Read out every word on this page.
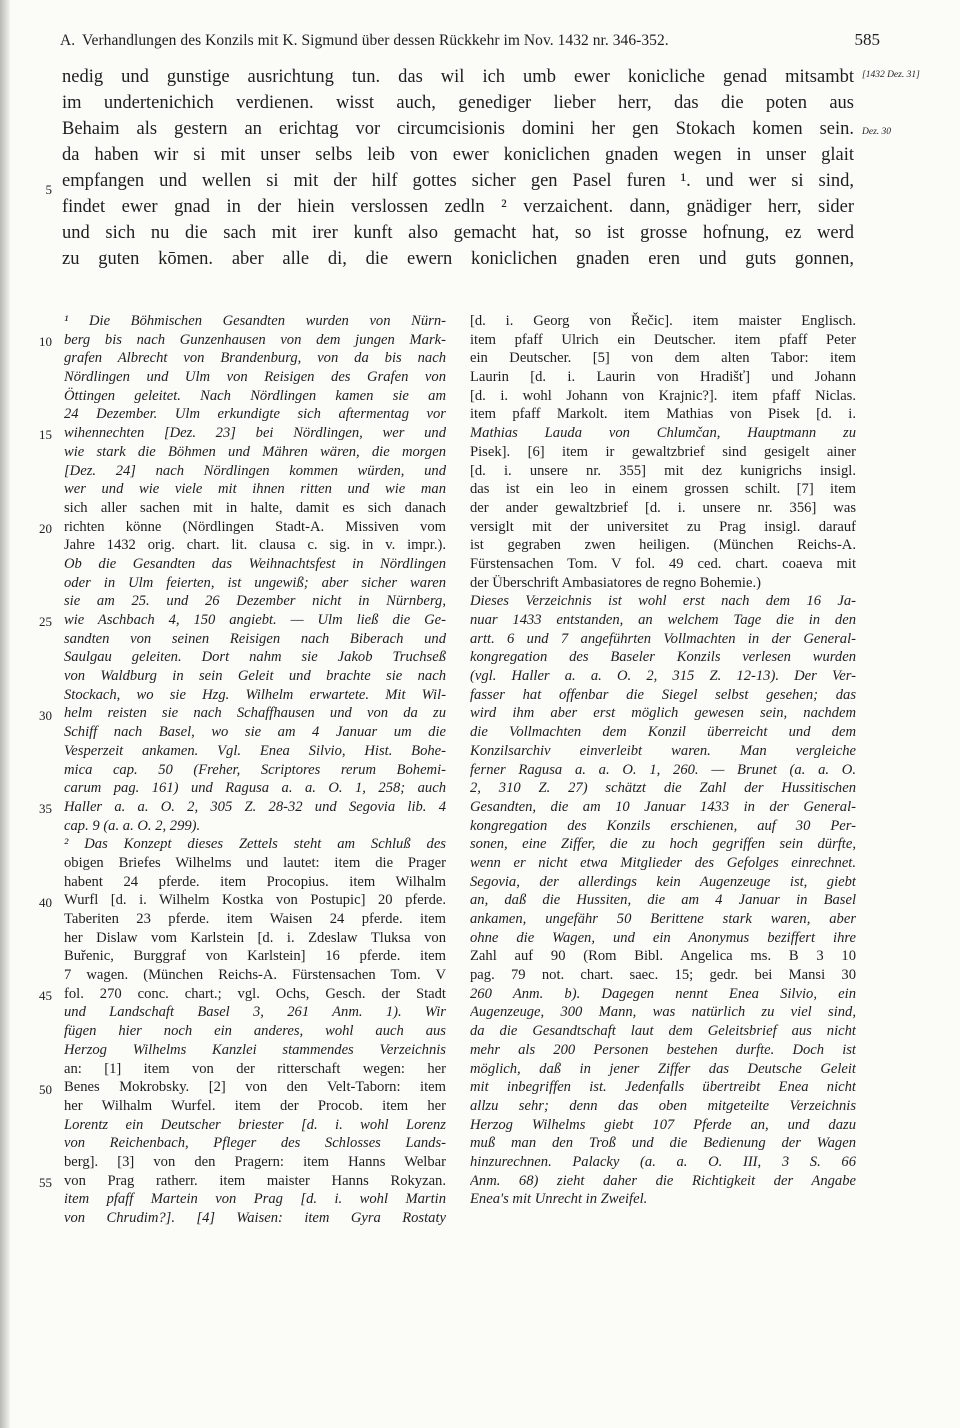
A. Verhandlungen des Konzils mit K. Sigmund über dessen Rückkehr im Nov. 1432 nr. 346-352.	585
[1432 Dez. 31]
Dez. 30
nedig und gunstige ausrichtung tun. das wil ich umb ewer konicliche genad mitsambt
im undertenichich verdienen. wisst auch, genediger lieber herr, das die poten aus
Behaim als gestern an erichtag vor circumcisionis domini her gen Stokach komen sein.
da haben wir si mit unser selbs leib von ewer koniclichen gnaden wegen in unser glait
empfangen und wellen si mit der hilf gottes sicher gen Pasel furen ¹. und wer si sind,
findet ewer gnad in der hiein verslossen zedln ² verzaichent. dann, gnädiger herr, sider
und sich nu die sach mit irer kunft also gemacht hat, so ist grosse hofnung, ez werd
zu guten kōmen. aber alle di, die ewern koniclichen gnaden eren und guts gonnen,
5
¹ Die Böhmischen Gesandten wurden von Nürn-
berg bis nach Gunzenhausen von dem jungen Mark-
grafen Albrecht von Brandenburg, von da bis nach
Nördlingen und Ulm von Reisigen des Grafen von
Öttingen geleitet. Nach Nördlingen kamen sie am
24 Dezember. Ulm erkundigte sich aftermentag vor
wihennechten [Dez. 23] bei Nördlingen, wer und
wie stark die Böhmen und Mähren wären, die morgen
[Dez. 24] nach Nördlingen kommen würden, und
wer und wie viele mit ihnen ritten und wie man
sich aller sachen mit in halte, damit es sich danach
richten könne (Nördlingen Stadt-A. Missiven vom
Jahre 1432 orig. chart. lit. clausa c. sig. in v. impr.).
Ob die Gesandten das Weihnachtsfest in Nördlingen
oder in Ulm feierten, ist ungewiß; aber sicher waren
sie am 25. und 26 Dezember nicht in Nürnberg,
wie Aschbach 4, 150 angiebt. — Ulm ließ die Ge-
sandten von seinen Reisigen nach Biberach und
Saulgau geleiten. Dort nahm sie Jakob Truchseß
von Waldburg in sein Geleit und brachte sie nach
Stockach, wo sie Hzg. Wilhelm erwartete. Mit Wil-
helm reisten sie nach Schaffhausen und von da zu
Schiff nach Basel, wo sie am 4 Januar um die
Vesperzeit ankamen. Vgl. Enea Silvio, Hist. Bohe-
mica cap. 50 (Freher, Scriptores rerum Bohemi-
carum pag. 161) und Ragusa a. a. O. 1, 258; auch
Haller a. a. O. 2, 305 Z. 28-32 und Segovia lib. 4
cap. 9 (a. a. O. 2, 299).
² Das Konzept dieses Zettels steht am Schluß des
obigen Briefes Wilhelms und lautet: item die Prager
habent 24 pferde. item Procopius. item Wilhalm
Wurfl [d. i. Wilhelm Kostka von Postupic] 20 pferde.
Taberiten 23 pferde. item Waisen 24 pferde. item
her Dislaw vom Karlstein [d. i. Zdeslaw Tluksa von
Buřenic, Burggraf von Karlstein] 16 pferde. item
7 wagen. (München Reichs-A. Fürstensachen Tom. V
fol. 270 conc. chart.; vgl. Ochs, Gesch. der Stadt
und Landschaft Basel 3, 261 Anm. 1). Wir
fügen hier noch ein anderes, wohl auch aus
Herzog Wilhelms Kanzlei stammendes Verzeichnis
an: [1] item von der ritterschaft wegen: her
Benes Mokrobsky. [2] von den Velt-Taborn: item
her Wilhalm Wurfel. item der Procob. item her
Lorentz ein Deutscher briester [d. i. wohl Lorenz
von Reichenbach, Pfleger des Schlosses Lands-
berg]. [3] von den Pragern: item Hanns Welbar
von Prag ratherr. item maister Hanns Rokyzan.
item pfaff Martein von Prag [d. i. wohl Martin
von Chrudim?]. [4] Waisen: item Gyra Rostaty
[d. i. Georg von Řečic]. item maister Englisch.
item pfaff Ulrich ein Deutscher. item pfaff Peter
ein Deutscher. [5] von dem alten Tabor: item
Laurin [d. i. Laurin von Hradišť] und Johann
[d. i. wohl Johann von Krajnic?]. item pfaff Niclas.
item pfaff Markolt. item Mathias von Pisek [d. i.
Mathias Lauda von Chlumčan, Hauptmann zu
Pisek]. [6] item ir gewaltzbrief sind gesigelt ainer
[d. i. unsere nr. 355] mit dez kunigrichs insigl.
das ist ein leo in einem grossen schilt. [7] item
der ander gewaltzbrief [d. i. unsere nr. 356] was
versiglt mit der universitet zu Prag insigl. darauf
ist gegraben zwen heiligen. (München Reichs-A.
Fürstensachen Tom. V fol. 49 ced. chart. coaeva mit
der Überschrift Ambasiatores de regno Bohemie.)
Dieses Verzeichnis ist wohl erst nach dem 16 Ja-
nuar 1433 entstanden, an welchem Tage die in den
artt. 6 und 7 angeführten Vollmachten in der General-
kongregation des Baseler Konzils verlesen wurden
(vgl. Haller a. a. O. 2, 315 Z. 12-13). Der Ver-
fasser hat offenbar die Siegel selbst gesehen; das
wird ihm aber erst möglich gewesen sein, nachdem
die Vollmachten dem Konzil überreicht und dem
Konzilsarchiv einverleibt waren. Man vergleiche
ferner Ragusa a. a. O. 1, 260. — Brunet (a. a. O.
2, 310 Z. 27) schätzt die Zahl der Hussitischen
Gesandten, die am 10 Januar 1433 in der General-
kongregation des Konzils erschienen, auf 30 Per-
sonen, eine Ziffer, die zu hoch gegriffen sein dürfte,
wenn er nicht etwa Mitglieder des Gefolges einrechnet.
Segovia, der allerdings kein Augenzeuge ist, giebt
an, daß die Hussiten, die am 4 Januar in Basel
ankamen, ungefähr 50 Berittene stark waren, aber
ohne die Wagen, und ein Anonymus beziffert ihre
Zahl auf 90 (Rom Bibl. Angelica ms. B 3 10
pag. 79 not. chart. saec. 15; gedr. bei Mansi 30
260 Anm. b). Dagegen nennt Enea Silvio, ein
Augenzeuge, 300 Mann, was natürlich zu viel sind,
da die Gesandtschaft laut dem Geleitsbrief aus nicht
mehr als 200 Personen bestehen durfte. Doch ist
möglich, daß in jener Ziffer das Deutsche Geleit
mit inbegriffen ist. Jedenfalls übertreibt Enea nicht
allzu sehr; denn das oben mitgeteilte Verzeichnis
Herzog Wilhelms giebt 107 Pferde an, und dazu
muß man den Troß und die Bedienung der Wagen
hinzurechnen. Palacky (a. a. O. III, 3 S. 66
Anm. 68) zieht daher die Richtigkeit der Angabe
Enea's mit Unrecht in Zweifel.
10
15
20
25
30
35
40
45
50
55
